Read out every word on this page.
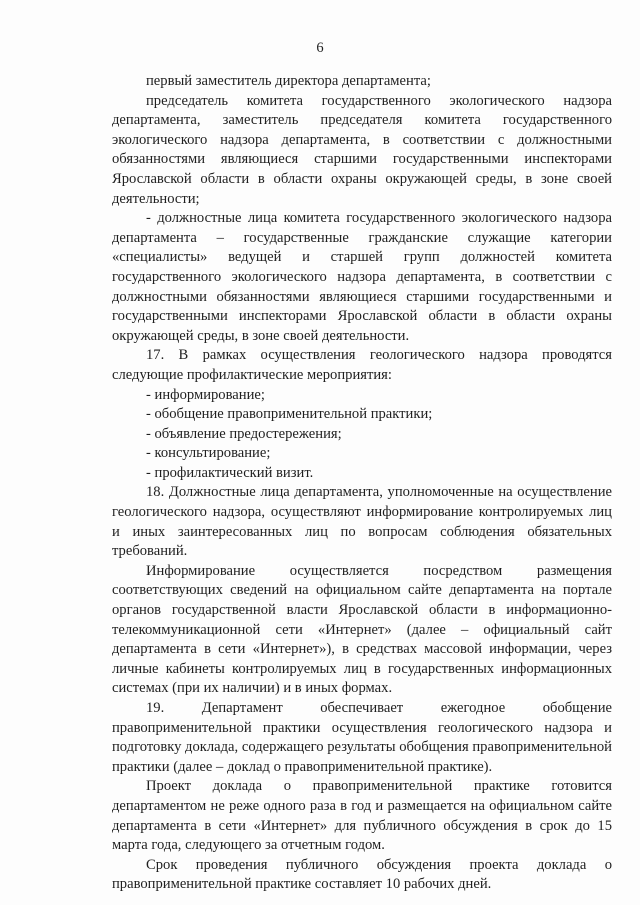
6

первый заместитель директора департамента;

председатель комитета государственного экологического надзора департамента, заместитель председателя комитета государственного экологического надзора департамента, в соответствии с должностными обязанностями являющиеся старшими государственными инспекторами Ярославской области в области охраны окружающей среды, в зоне своей деятельности;

- должностные лица комитета государственного экологического надзора департамента – государственные гражданские служащие категории «специалисты» ведущей и старшей групп должностей комитета государственного экологического надзора департамента, в соответствии с должностными обязанностями являющиеся старшими государственными и государственными инспекторами Ярославской области в области охраны окружающей среды, в зоне своей деятельности.

17. В рамках осуществления геологического надзора проводятся следующие профилактические мероприятия:

- информирование;

- обобщение правоприменительной практики;

- объявление предостережения;

- консультирование;

- профилактический визит.

18. Должностные лица департамента, уполномоченные на осуществление геологического надзора, осуществляют информирование контролируемых лиц и иных заинтересованных лиц по вопросам соблюдения обязательных требований.

Информирование осуществляется посредством размещения соответствующих сведений на официальном сайте департамента на портале органов государственной власти Ярославской области в информационно-телекоммуникационной сети «Интернет» (далее – официальный сайт департамента в сети «Интернет»), в средствах массовой информации, через личные кабинеты контролируемых лиц в государственных информационных системах (при их наличии) и в иных формах.

19. Департамент обеспечивает ежегодное обобщение правоприменительной практики осуществления геологического надзора и подготовку доклада, содержащего результаты обобщения правоприменительной практики (далее – доклад о правоприменительной практике).

Проект доклада о правоприменительной практике готовится департаментом не реже одного раза в год и размещается на официальном сайте департамента в сети «Интернет» для публичного обсуждения в срок до 15 марта года, следующего за отчетным годом.

Срок проведения публичного обсуждения проекта доклада о правоприменительной практике составляет 10 рабочих дней.
